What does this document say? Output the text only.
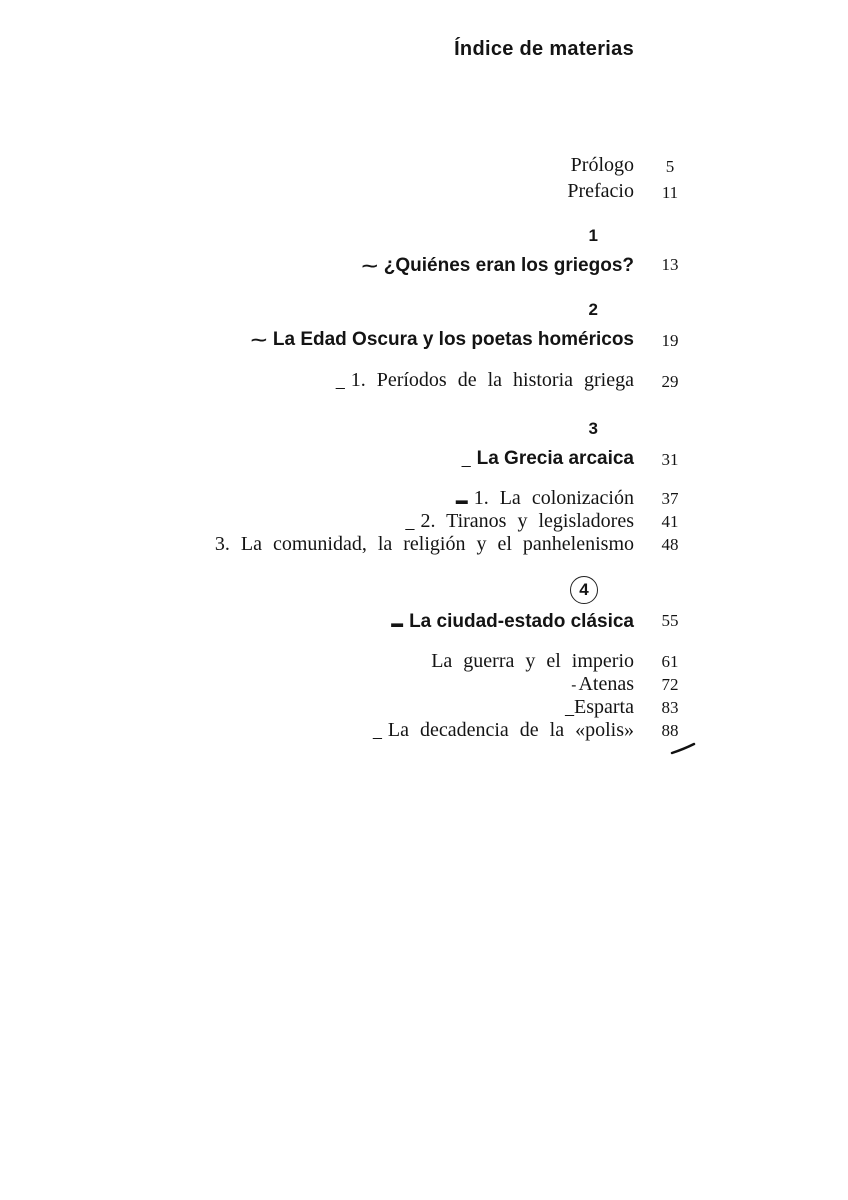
Índice de materias
Prólogo	5
Prefacio	11
1
⁓ ¿Quiénes eran los griegos?	13
2
⁓ La Edad Oscura y los poetas homéricos	19
_ 1. Períodos de la historia griega	29
3
_ La Grecia arcaica	31
▬ 1. La colonización	37
_ 2. Tiranos y legisladores	41
3. La comunidad, la religión y el panhelenismo	48
4
▬ La ciudad-estado clásica	55
La guerra y el imperio	61
- Atenas	72
_Esparta	83
_ La decadencia de la «polis»	88
